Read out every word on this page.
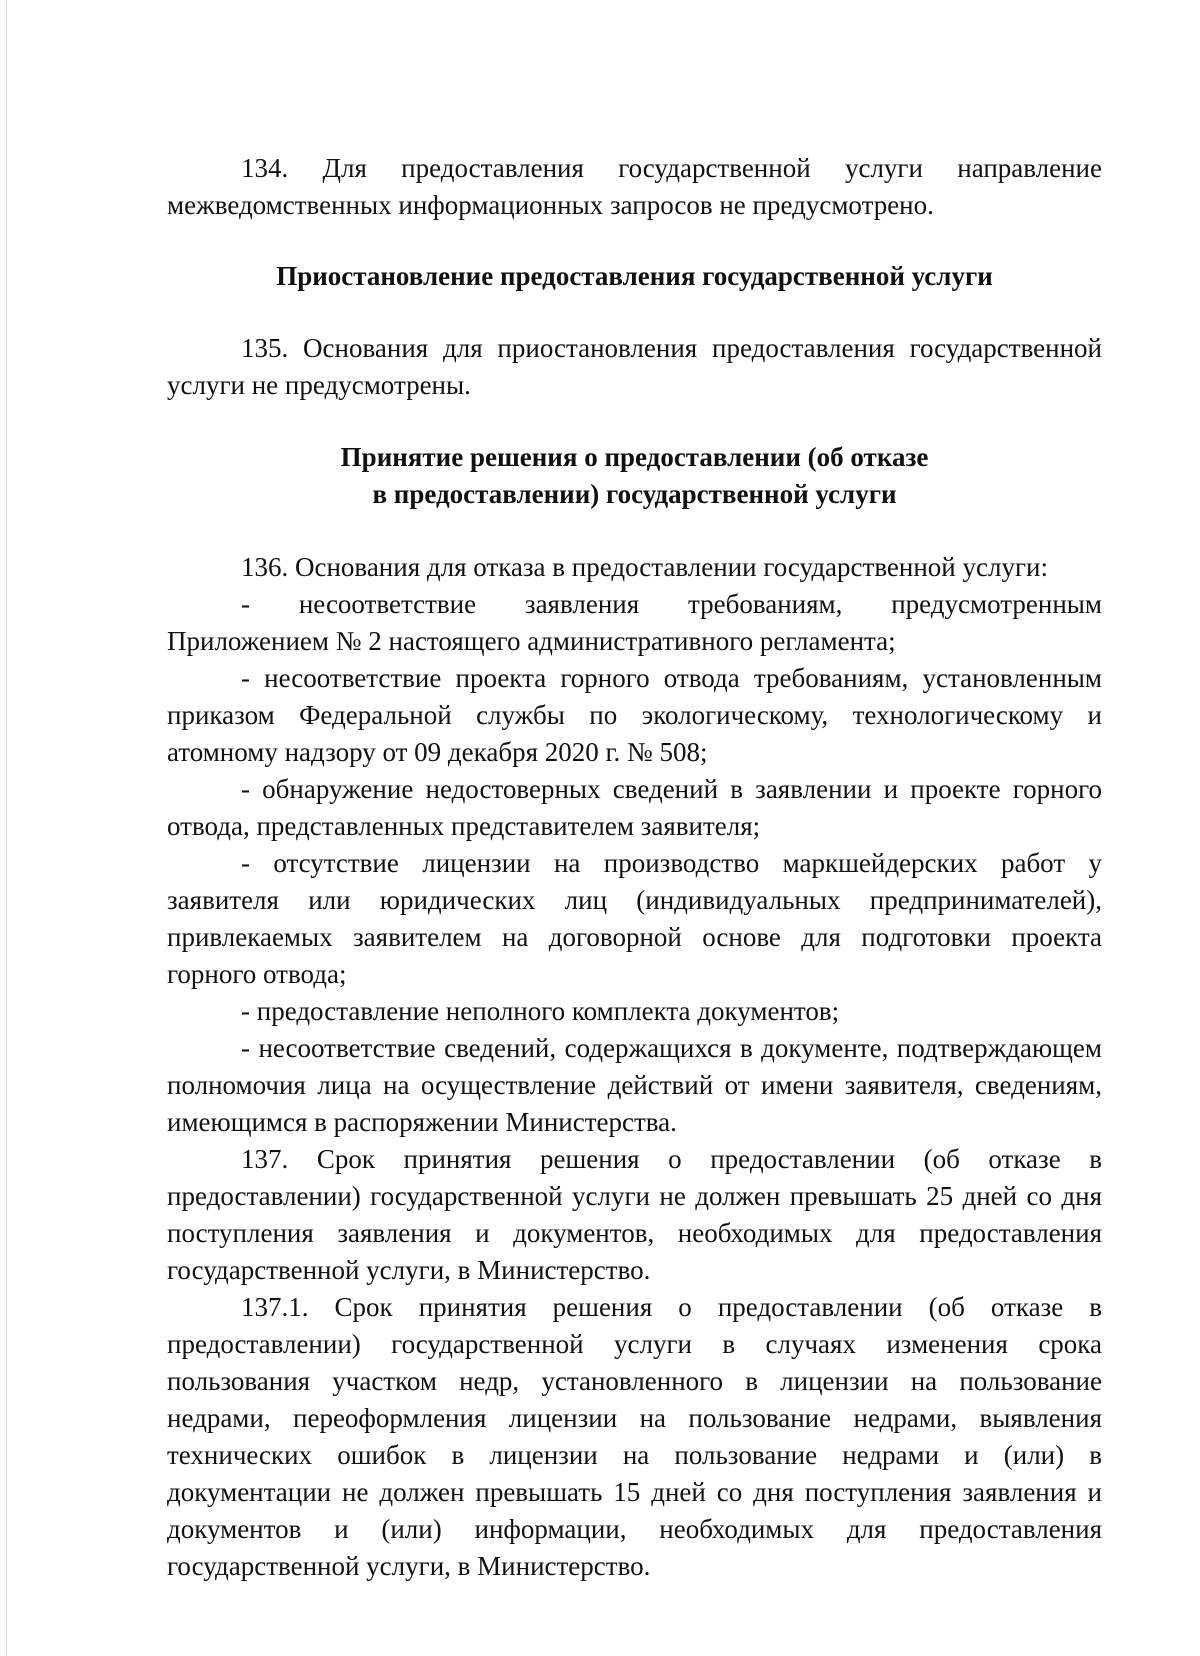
134. Для предоставления государственной услуги направление межведомственных информационных запросов не предусмотрено.

Приостановление предоставления государственной услуги

135. Основания для приостановления предоставления государственной услуги не предусмотрены.

Принятие решения о предоставлении (об отказе
в предоставлении) государственной услуги

136. Основания для отказа в предоставлении государственной услуги:

- несоответствие заявления требованиям, предусмотренным Приложением № 2 настоящего административного регламента;

- несоответствие проекта горного отвода требованиям, установленным приказом Федеральной службы по экологическому, технологическому и атомному надзору от 09 декабря 2020 г. № 508;

- обнаружение недостоверных сведений в заявлении и проекте горного отвода, представленных представителем заявителя;

- отсутствие лицензии на производство маркшейдерских работ у заявителя или юридических лиц (индивидуальных предпринимателей), привлекаемых заявителем на договорной основе для подготовки проекта горного отвода;

- предоставление неполного комплекта документов;

- несоответствие сведений, содержащихся в документе, подтверждающем полномочия лица на осуществление действий от имени заявителя, сведениям, имеющимся в распоряжении Министерства.

137. Срок принятия решения о предоставлении (об отказе в предоставлении) государственной услуги не должен превышать 25 дней со дня поступления заявления и документов, необходимых для предоставления государственной услуги, в Министерство.

137.1. Срок принятия решения о предоставлении (об отказе в предоставлении) государственной услуги в случаях изменения срока пользования участком недр, установленного в лицензии на пользование недрами, переоформления лицензии на пользование недрами, выявления технических ошибок в лицензии на пользование недрами и (или) в документации не должен превышать 15 дней со дня поступления заявления и документов и (или) информации, необходимых для предоставления государственной услуги, в Министерство.
